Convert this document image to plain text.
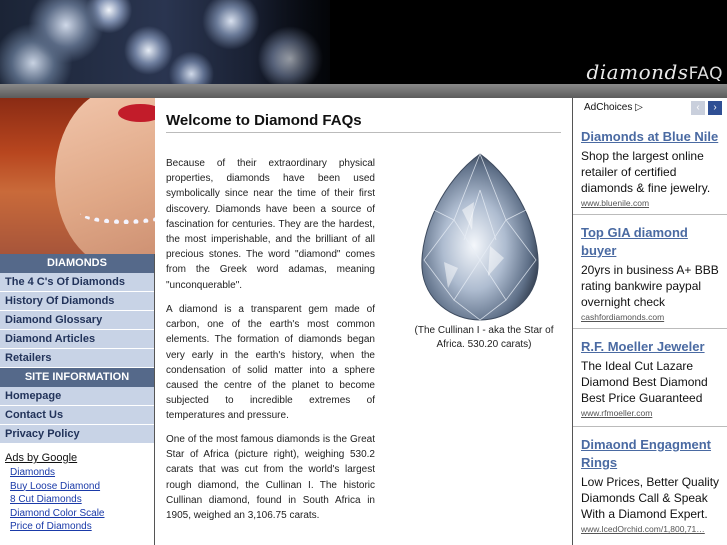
diamondsFAQ
DIAMONDS
The 4 C's Of Diamonds
History Of Diamonds
Diamond Glossary
Diamond Articles
Retailers
SITE INFORMATION
Homepage
Contact Us
Privacy Policy
Ads by Google
Diamonds
Buy Loose Diamond
8 Cut Diamonds
Diamond Color Scale
Price of Diamonds
Welcome to Diamond FAQs

Because of their extraordinary physical properties, diamonds have been used symbolically since near the time of their first discovery. Diamonds have been a source of fascination for centuries. They are the hardest, the most imperishable, and the brilliant of all precious stones. The word "diamond" comes from the Greek word adamas, meaning "unconquerable".

A diamond is a transparent gem made of carbon, one of the earth's most common elements. The formation of diamonds began very early in the earth's history, when the condensation of solid matter into a sphere caused the centre of the planet to become subjected to incredible extremes of temperatures and pressure.

One of the most famous diamonds is the Great Star of Africa (picture right), weighing 530.2 carats that was cut from the world's largest rough diamond, the Cullinan I. The historic Cullinan diamond, found in South Africa in 1905, weighed an 3,106.75 carats.

(The Cullinan I - aka the Star of Africa. 530.20 carats)
AdChoices ▷	‹	›
Diamonds at Blue Nile
Shop the largest online retailer of certified diamonds & fine jewelry.
www.bluenile.com
Top GIA diamond buyer
20yrs in business A+ BBB rating bankwire paypal overnight check
cashfordiamonds.com
R.F. Moeller Jeweler
The Ideal Cut Lazare Diamond Best Diamond Best Price Guaranteed
www.rfmoeller.com
Dimaond Engagment Rings
Low Prices, Better Quality Diamonds Call & Speak With a Diamond Expert.
www.IcedOrchid.com/1,800,71…
